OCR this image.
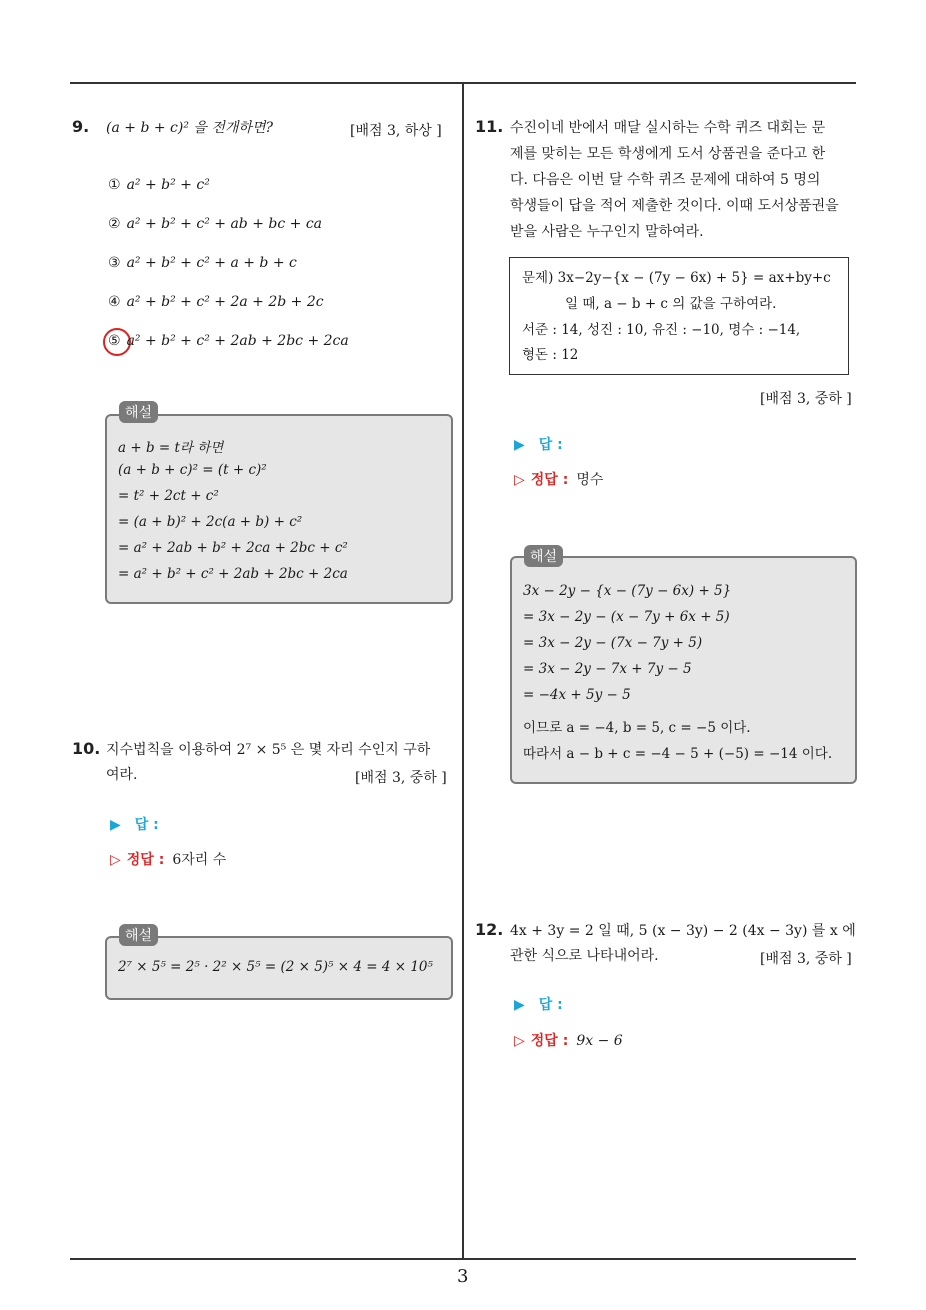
9. (a + b + c)² 을 전개하면?	[배점 3, 하상 ]
① a² + b² + c²
② a² + b² + c² + ab + bc + ca
③ a² + b² + c² + a + b + c
④ a² + b² + c² + 2a + 2b + 2c
⑤ a² + b² + c² + 2ab + 2bc + 2ca
해설
a + b = t라 하면
(a + b + c)² = (t + c)²
= t² + 2ct + c²
= (a + b)² + 2c(a + b) + c²
= a² + 2ab + b² + 2ca + 2bc + c²
= a² + b² + c² + 2ab + 2bc + 2ca
10. 지수법칙을 이용하여 2⁷ × 5⁵ 은 몇 자리 수인지 구하
여라.	[배점 3, 중하 ]
▶ 답 :
▷ 정답 : 6자리 수
해설
2⁷ × 5⁵ = 2⁵ · 2² × 5⁵ = (2 × 5)⁵ × 4 = 4 × 10⁵
11. 수진이네 반에서 매달 실시하는 수학 퀴즈 대회는 문
제를 맞히는 모든 학생에게 도서 상품권을 준다고 한
다. 다음은 이번 달 수학 퀴즈 문제에 대하여 5 명의
학생들이 답을 적어 제출한 것이다. 이때 도서상품권을
받을 사람은 누구인지 말하여라.
문제) 3x−2y−{x − (7y − 6x) + 5} = ax+by+c
일 때, a − b + c 의 값을 구하여라.
서준 : 14, 성진 : 10, 유진 : −10, 명수 : −14,
형돈 : 12
[배점 3, 중하 ]
▶ 답 :
▷ 정답 : 명수
해설
3x − 2y − {x − (7y − 6x) + 5}
= 3x − 2y − (x − 7y + 6x + 5)
= 3x − 2y − (7x − 7y + 5)
= 3x − 2y − 7x + 7y − 5
= −4x + 5y − 5
이므로 a = −4, b = 5, c = −5 이다.
따라서 a − b + c = −4 − 5 + (−5) = −14 이다.
12. 4x + 3y = 2 일 때, 5 (x − 3y) − 2 (4x − 3y) 를 x 에
관한 식으로 나타내어라.	[배점 3, 중하 ]
▶ 답 :
▷ 정답 : 9x − 6
3
